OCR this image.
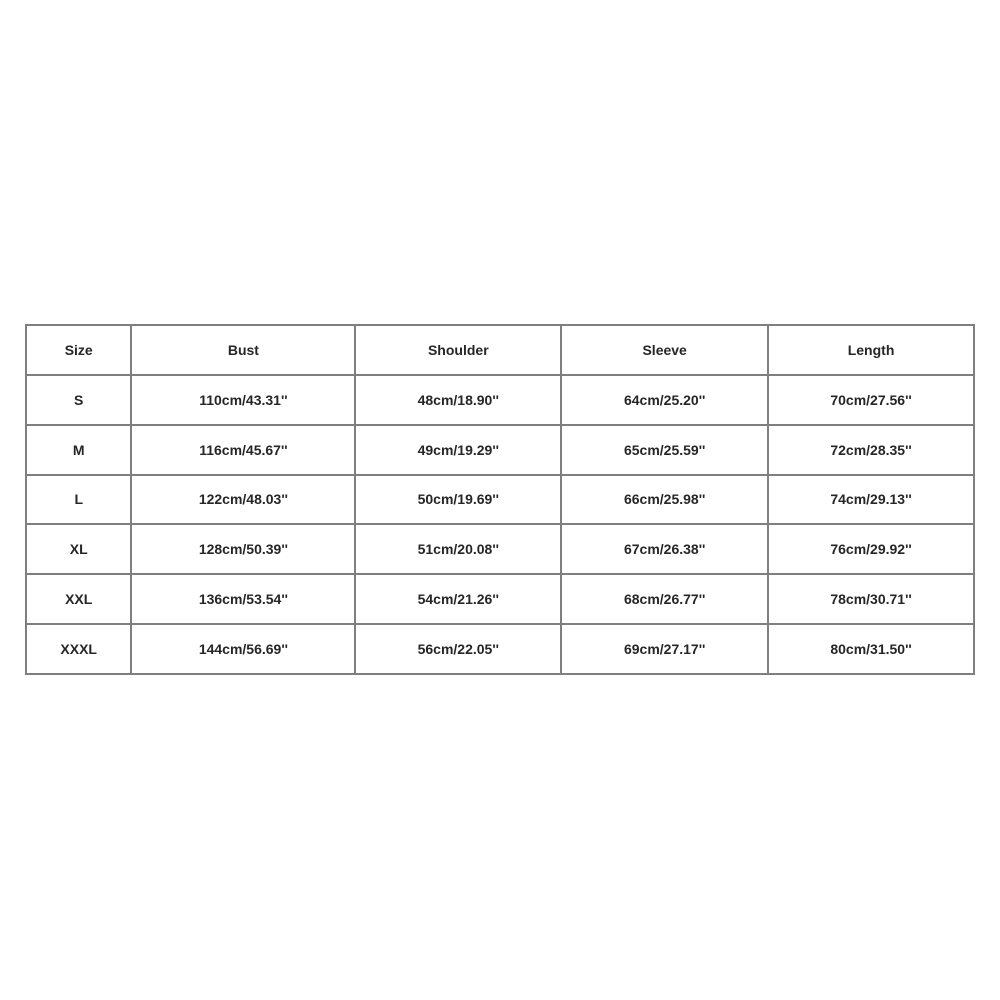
Size	Bust	Shoulder	Sleeve	Length
S	110cm/43.31''	48cm/18.90''	64cm/25.20''	70cm/27.56''
M	116cm/45.67''	49cm/19.29''	65cm/25.59''	72cm/28.35''
L	122cm/48.03''	50cm/19.69''	66cm/25.98''	74cm/29.13''
XL	128cm/50.39''	51cm/20.08''	67cm/26.38''	76cm/29.92''
XXL	136cm/53.54''	54cm/21.26''	68cm/26.77''	78cm/30.71''
XXXL	144cm/56.69''	56cm/22.05''	69cm/27.17''	80cm/31.50''
